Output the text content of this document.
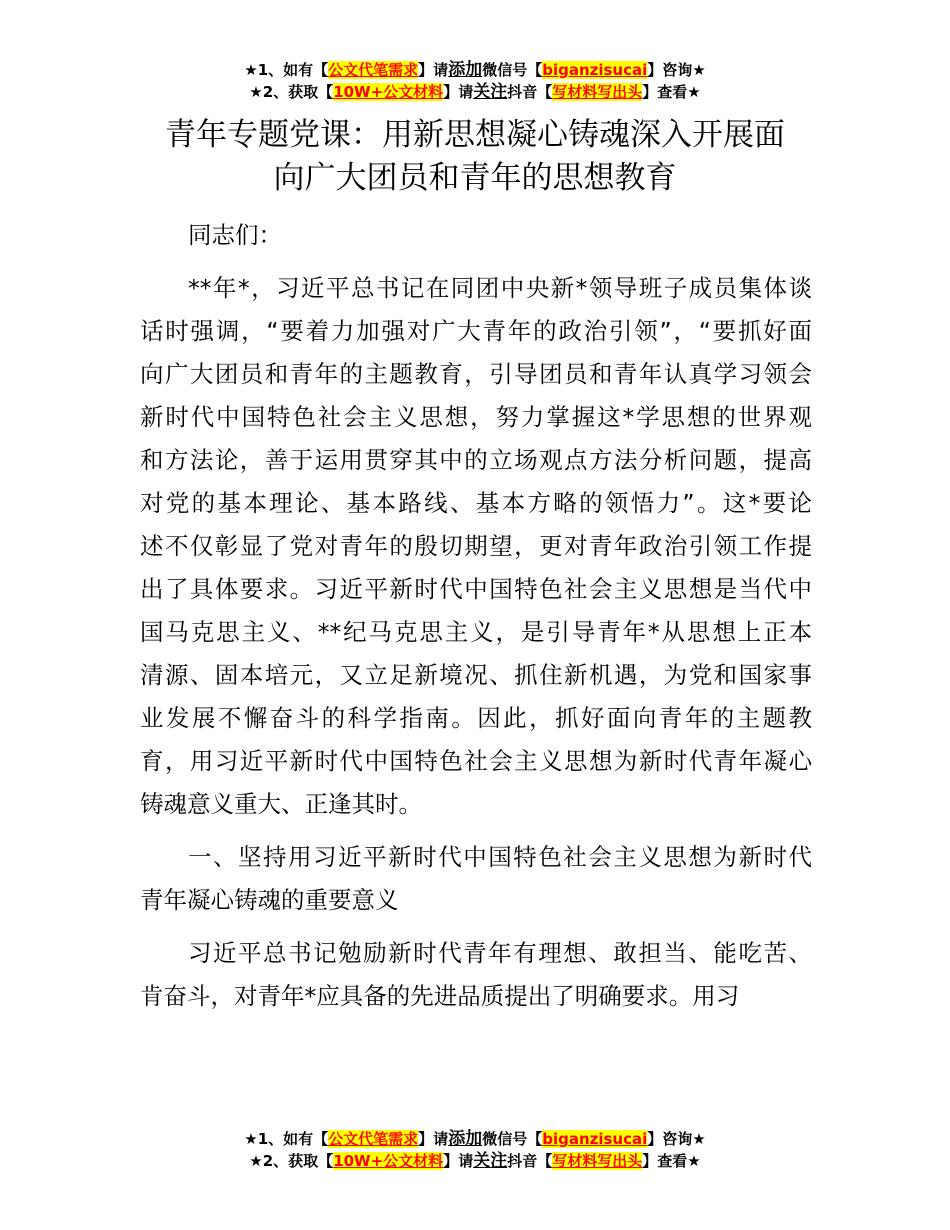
★1、如有【公文代笔需求】请添加微信号【biganzisucai】咨询★
★2、获取【10W+公文材料】请关注抖音【写材料写出头】查看★
青年专题党课：用新思想凝心铸魂深入开展面
向广大团员和青年的思想教育
同志们：
**年*，习近平总书记在同团中央新*领导班子成员集体谈
话时强调，“要着力加强对广大青年的政治引领”，“要抓好面
向广大团员和青年的主题教育，引导团员和青年认真学习领会
新时代中国特色社会主义思想，努力掌握这*学思想的世界观
和方法论，善于运用贯穿其中的立场观点方法分析问题，提高
对党的基本理论、基本路线、基本方略的领悟力”。这*要论
述不仅彰显了党对青年的殷切期望，更对青年政治引领工作提
出了具体要求。习近平新时代中国特色社会主义思想是当代中
国马克思主义、**纪马克思主义，是引导青年*从思想上正本
清源、固本培元，又立足新境况、抓住新机遇，为党和国家事
业发展不懈奋斗的科学指南。因此，抓好面向青年的主题教
育，用习近平新时代中国特色社会主义思想为新时代青年凝心
铸魂意义重大、正逢其时。
一、坚持用习近平新时代中国特色社会主义思想为新时代
青年凝心铸魂的重要意义
习近平总书记勉励新时代青年有理想、敢担当、能吃苦、
肯奋斗，对青年*应具备的先进品质提出了明确要求。用习
★1、如有【公文代笔需求】请添加微信号【biganzisucai】咨询★
★2、获取【10W+公文材料】请关注抖音【写材料写出头】查看★
